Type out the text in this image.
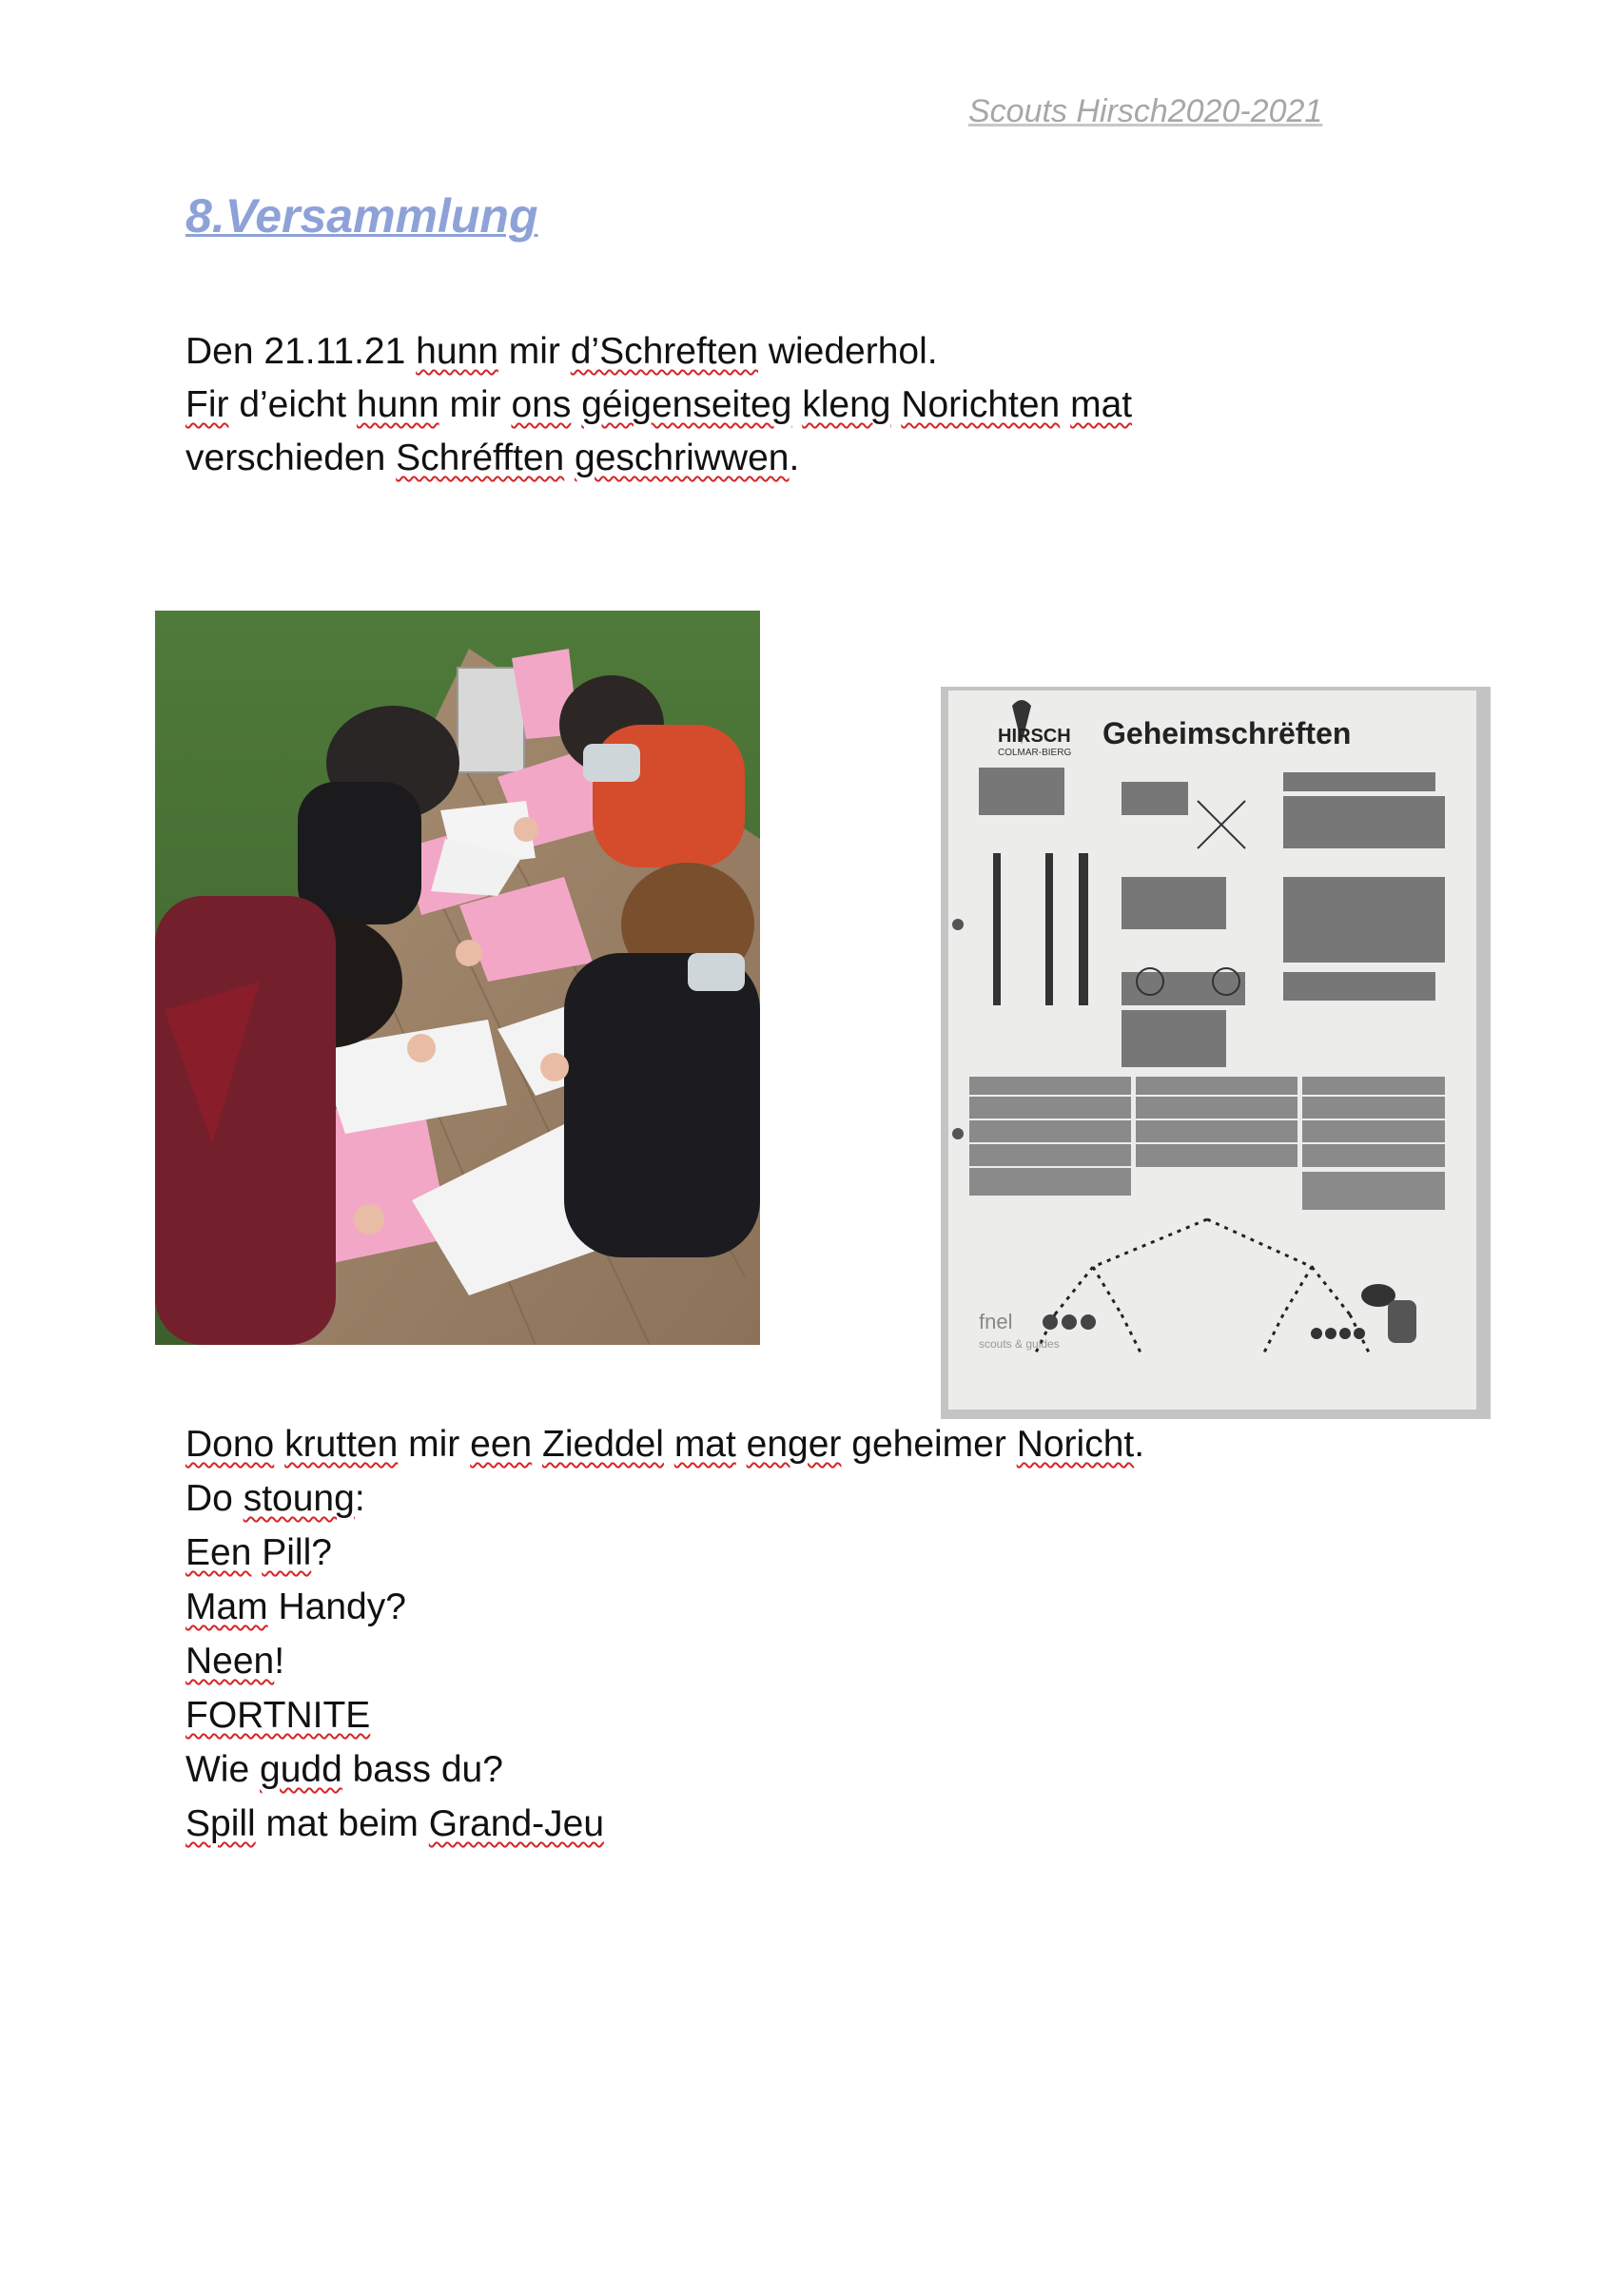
Scouts Hirsch2020-2021
8.Versammlung
Den 21.11.21 hunn mir d’Schreften wiederhol.
Fir d’eicht hunn mir ons géigenseiteg kleng Norichten mat
verschieden Schréfften geschriwwen.
HIRSCH
COLMAR-BIERG
Geheimschrëften
fnel
scouts & guides
Dono krutten mir een Zieddel mat enger geheimer Noricht.
Do stoung:
Een Pill?
Mam Handy?
Neen!
FORTNITE
Wie gudd bass du?
Spill mat beim Grand-Jeu
